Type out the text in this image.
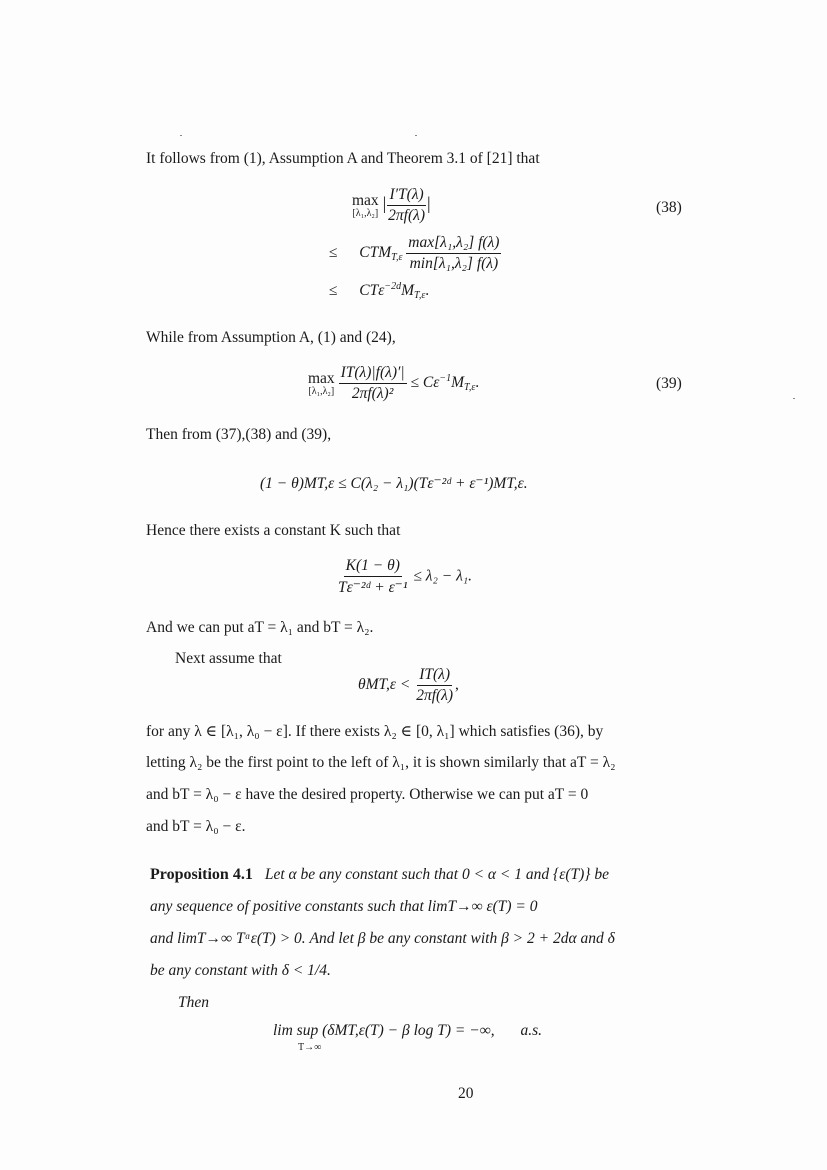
It follows from (1), Assumption A and Theorem 3.1 of [21] that
max
[λ₁,λ₂]
| $\frac{I'T(\lambda)}{2\pi f(\lambda)}$ |	(38)
≤ $CTM_{T,\varepsilon} \frac{\text{max[λ₁,λ₂] f(λ)}}{\text{min[λ₁,λ₂] f(λ)}}$
≤ $CT\varepsilon^{-2d}M_{T,\varepsilon}$.
While from Assumption A, (1) and (24),
max
[λ₁,λ₂]
$\frac{IT(\lambda)|f(\lambda)'|}{\text{2πf(λ)²}} \le C\varepsilon^{-1}M_{T,\varepsilon}$.	(39)
Then from (37),(38) and (39),
(1 − θ)MT,ε ≤ C(λ₂ − λ₁)(Tε⁻²ᵈ + ε⁻¹)MT,ε.
Hence there exists a constant K such that
$\frac{K(1 - \theta)}{\text{Tε⁻²ᵈ + ε⁻¹}} \le \lambda_2 - \lambda_1$.
And we can put aT = λ₁ and bT = λ₂.
Next assume that
$\theta MT,\varepsilon < \frac{IT(\lambda)}{2\pi f(\lambda)}$ ,
for any λ ∈ [λ₁, λ₀ − ε]. If there exists λ₂ ∈ [0, λ₁] which satisfies (36), by
letting λ₂ be the first point to the left of λ₁, it is shown similarly that aT = λ₂
and bT = λ₀ − ε have the desired property. Otherwise we can put aT = 0
and bT = λ₀ − ε.
Proposition 4.1 Let α be any constant such that 0 < α < 1 and {ε(T)} be
any sequence of positive constants such that limT→∞ ε(T) = 0
and limT→∞ Tᵅε(T) > 0. And let β be any constant with β > 2 + 2dα and δ
be any constant with δ < 1/4.
Then
lim sup (δMT,ε(T) − β log T) = −∞, a.s.
T→∞
20
